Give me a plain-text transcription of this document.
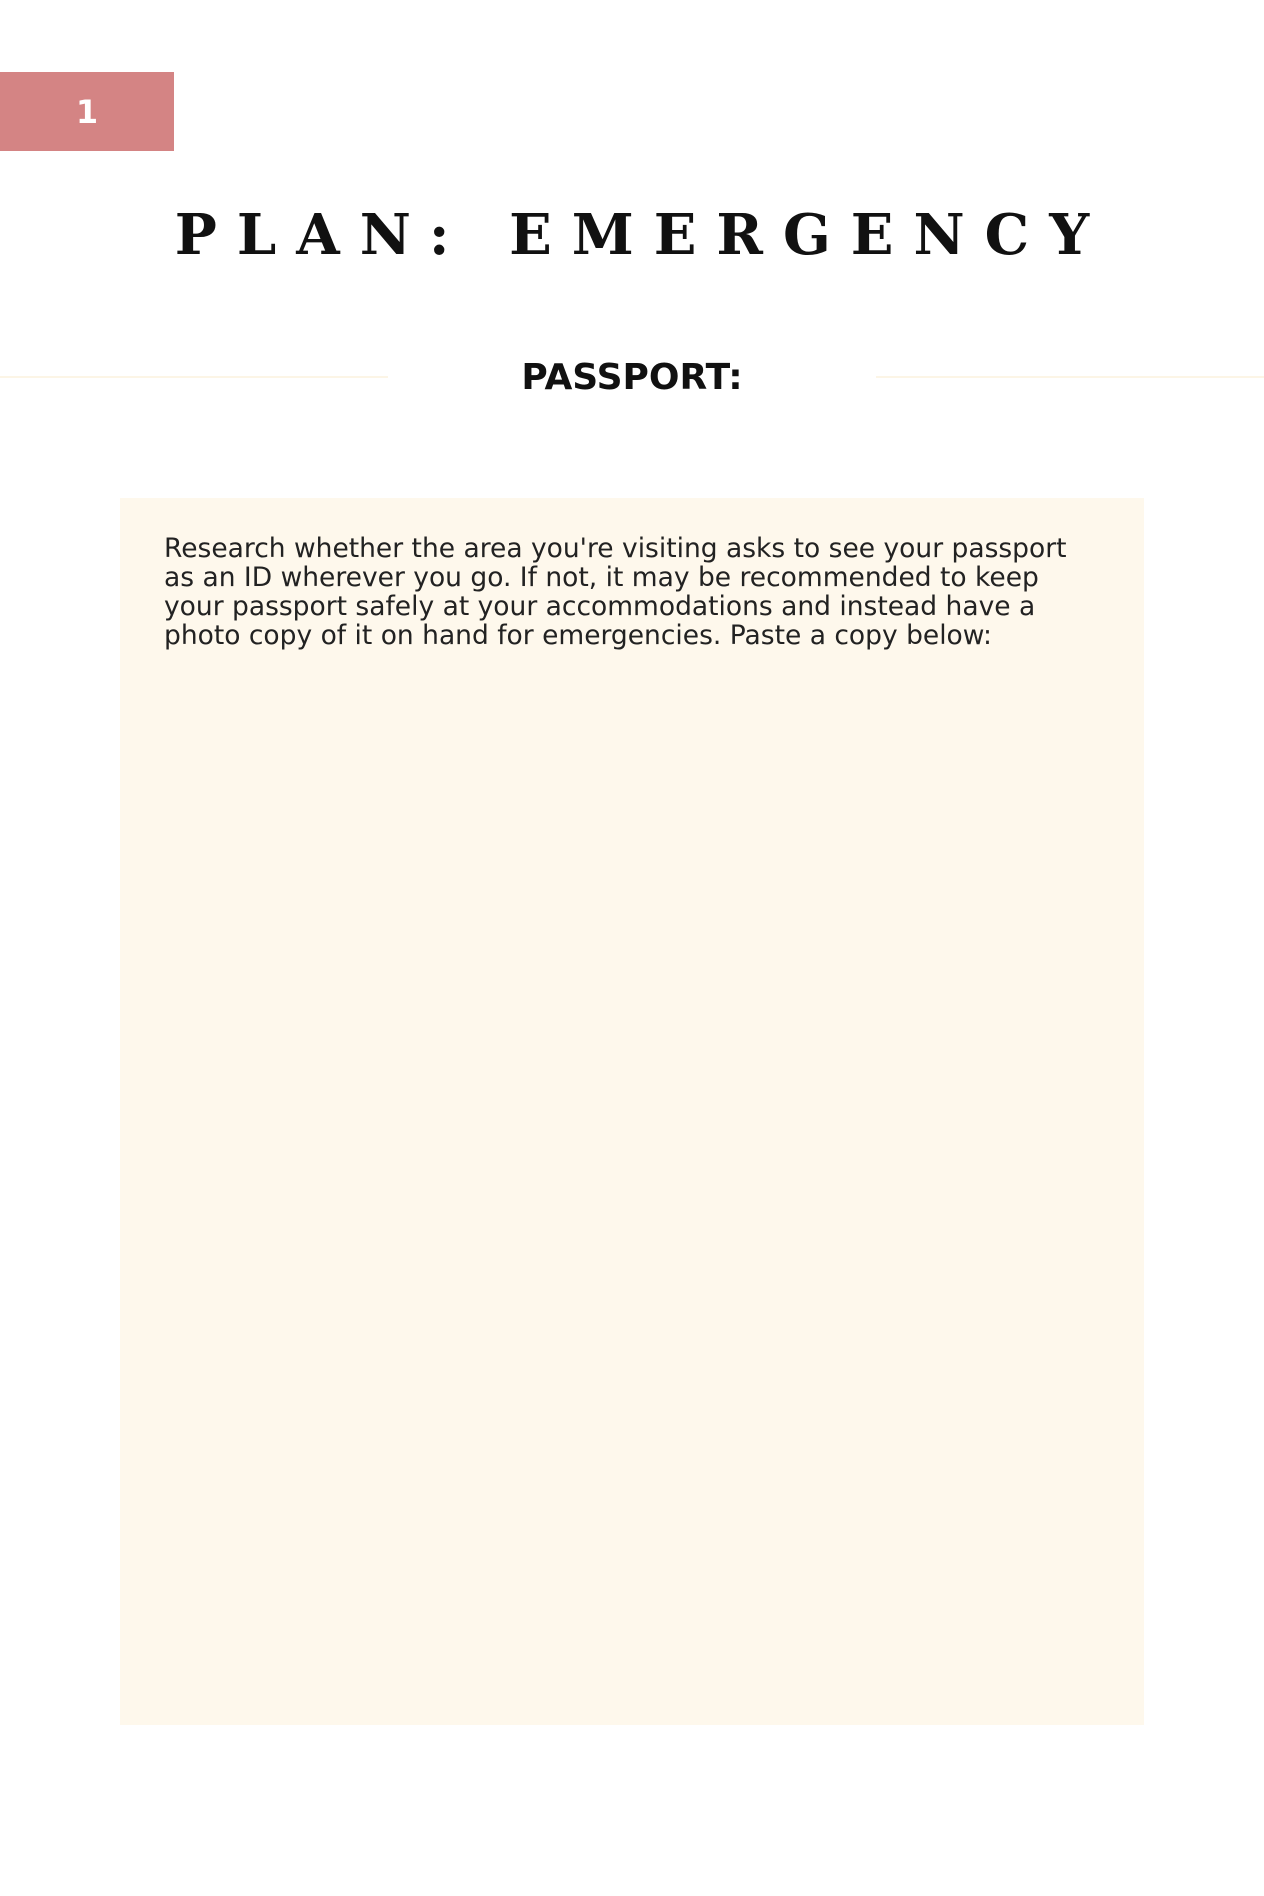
1
PLAN: EMERGENCY
PASSPORT:

Research whether the area you're visiting asks to see your passport as an ID wherever you go. If not, it may be recommended to keep your passport safely at your accommodations and instead have a photo copy of it on hand for emergencies. Paste a copy below:
